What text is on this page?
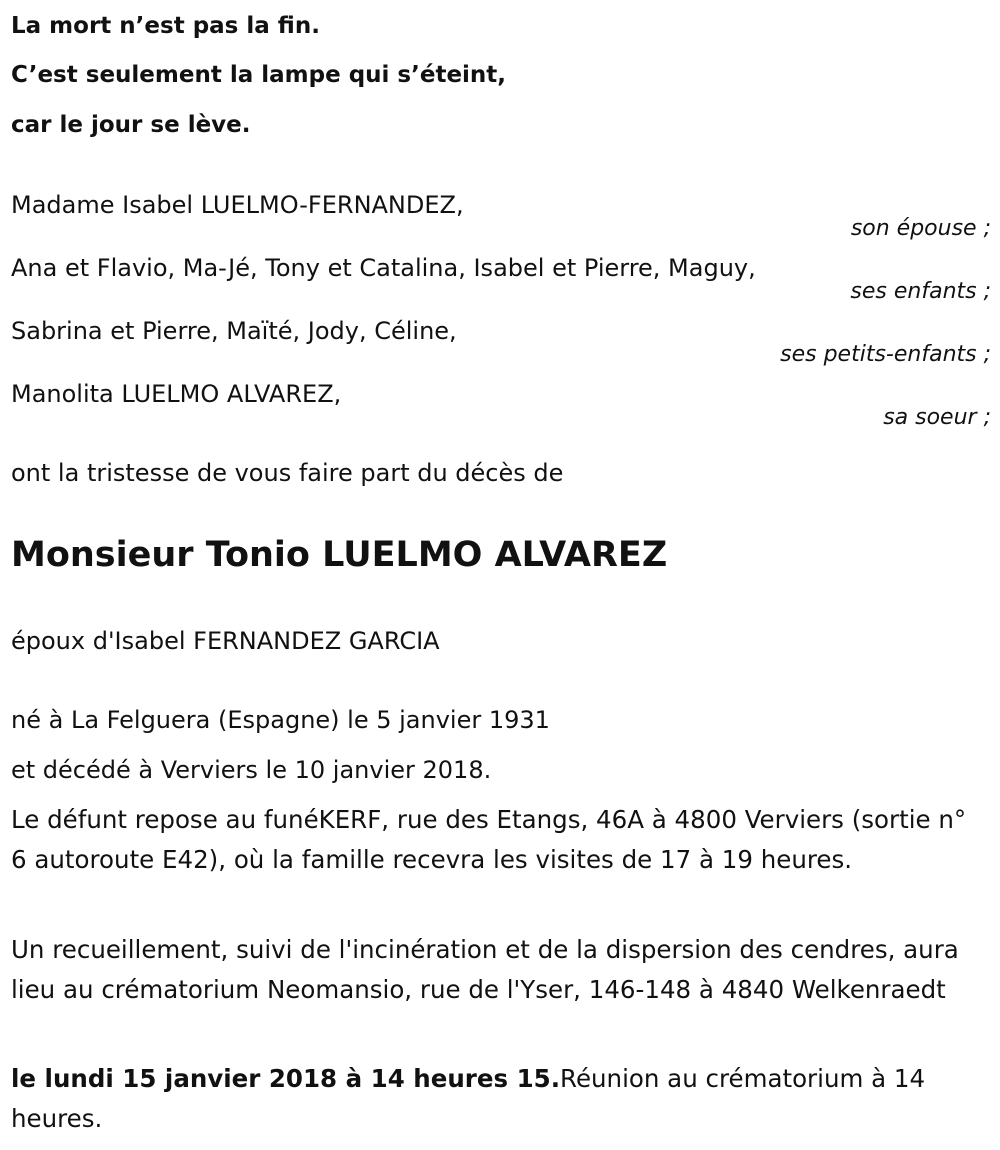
La mort n’est pas la fin.
C’est seulement la lampe qui s’éteint,
car le jour se lève.
Madame Isabel LUELMO-FERNANDEZ,
son épouse ;
Ana et Flavio, Ma-Jé, Tony et Catalina, Isabel et Pierre, Maguy,
ses enfants ;
Sabrina et Pierre, Maïté, Jody, Céline,
ses petits-enfants ;
Manolita LUELMO ALVAREZ,
sa soeur ;
ont la tristesse de vous faire part du décès de
Monsieur Tonio LUELMO ALVAREZ
époux d'Isabel FERNANDEZ GARCIA
né à La Felguera (Espagne) le 5 janvier 1931
et décédé à Verviers le 10 janvier 2018.
Le défunt repose au funéKERF, rue des Etangs, 46A à 4800 Verviers (sortie n° 6 autoroute E42), où la famille recevra les visites de 17 à 19 heures.
Un recueillement, suivi de l'incinération et de la dispersion des cendres, aura lieu au crématorium Neomansio, rue de l'Yser, 146-148 à 4840 Welkenraedt
le lundi 15 janvier 2018 à 14 heures 15.Réunion au crématorium à 14 heures.
